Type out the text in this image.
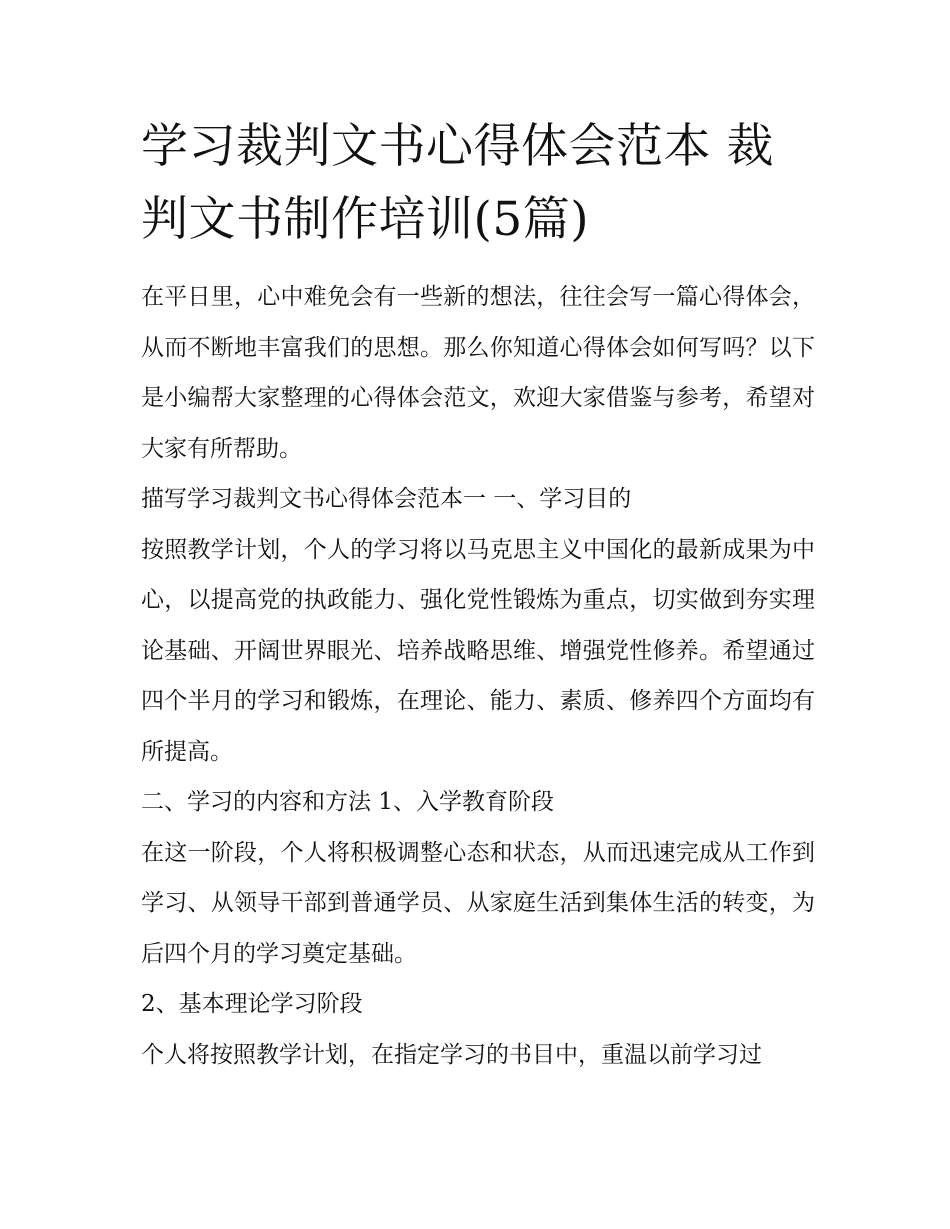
学习裁判文书心得体会范本 裁判文书制作培训(5篇)

在平日里，心中难免会有一些新的想法，往往会写一篇心得体会，从而不断地丰富我们的思想。那么你知道心得体会如何写吗？以下是小编帮大家整理的心得体会范文，欢迎大家借鉴与参考，希望对大家有所帮助。

描写学习裁判文书心得体会范本一 一、学习目的

按照教学计划，个人的学习将以马克思主义中国化的最新成果为中心，以提高党的执政能力、强化党性锻炼为重点，切实做到夯实理论基础、开阔世界眼光、培养战略思维、增强党性修养。希望通过四个半月的学习和锻炼，在理论、能力、素质、修养四个方面均有所提高。

二、学习的内容和方法 1、入学教育阶段

在这一阶段，个人将积极调整心态和状态，从而迅速完成从工作到学习、从领导干部到普通学员、从家庭生活到集体生活的转变，为后四个月的学习奠定基础。

2、基本理论学习阶段

个人将按照教学计划，在指定学习的书目中，重温以前学习过
